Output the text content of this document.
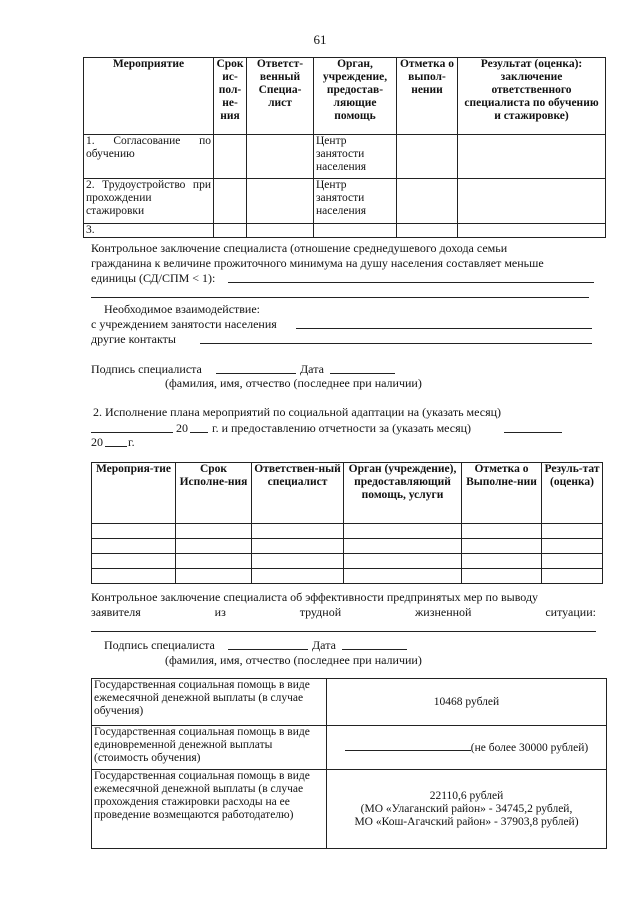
61
Мероприятие	Срок ис-пол-не-ния	Ответст-венный Специа-лист	Орган, учреждение, предостав-ляющие помощь	Отметка о выпол-нении	Результат (оценка): заключение ответственного специалиста по обучению и стажировке)
1. Согласование по обучению			Центр занятости населения		
2. Трудоустройство при прохождении стажировки			Центр занятости населения		
3.					
Контрольное заключение специалиста (отношение среднедушевого дохода семьи
гражданина к величине прожиточного минимума на душу населения составляет меньше
единицы (СД/СПМ < 1):
Необходимое взаимодействие:
с учреждением занятости населения
другие контакты
Подпись специалиста	Дата
(фамилия, имя, отчество (последнее при наличии)
2. Исполнение плана мероприятий по социальной адаптации на (указать месяц)
20 г. и предоставлению отчетности за (указать месяц)
20 г.
Мероприя-тие	Срок Исполне-ния	Ответствен-ный специалист	Орган (учреждение), предоставляющий помощь, услуги	Отметка о Выполне-нии	Резуль-тат (оценка)

Контрольное заключение специалиста об эффективности предпринятых мер по выводу
заявителя	из	трудной	жизненной	ситуации:
Подпись специалиста	Дата
(фамилия, имя, отчество (последнее при наличии)
Государственная социальная помощь в виде ежемесячной денежной выплаты (в случае обучения)	10468 рублей
Государственная социальная помощь в виде единовременной денежной выплаты (стоимость обучения)	(не более 30000 рублей)
Государственная социальная помощь в виде ежемесячной денежной выплаты (в случае прохождения стажировки расходы на ее проведение возмещаются работодателю)	22110,6 рублей
(МО «Улаганский район» - 34745,2 рублей,
МО «Кош-Агачский район» - 37903,8 рублей)
